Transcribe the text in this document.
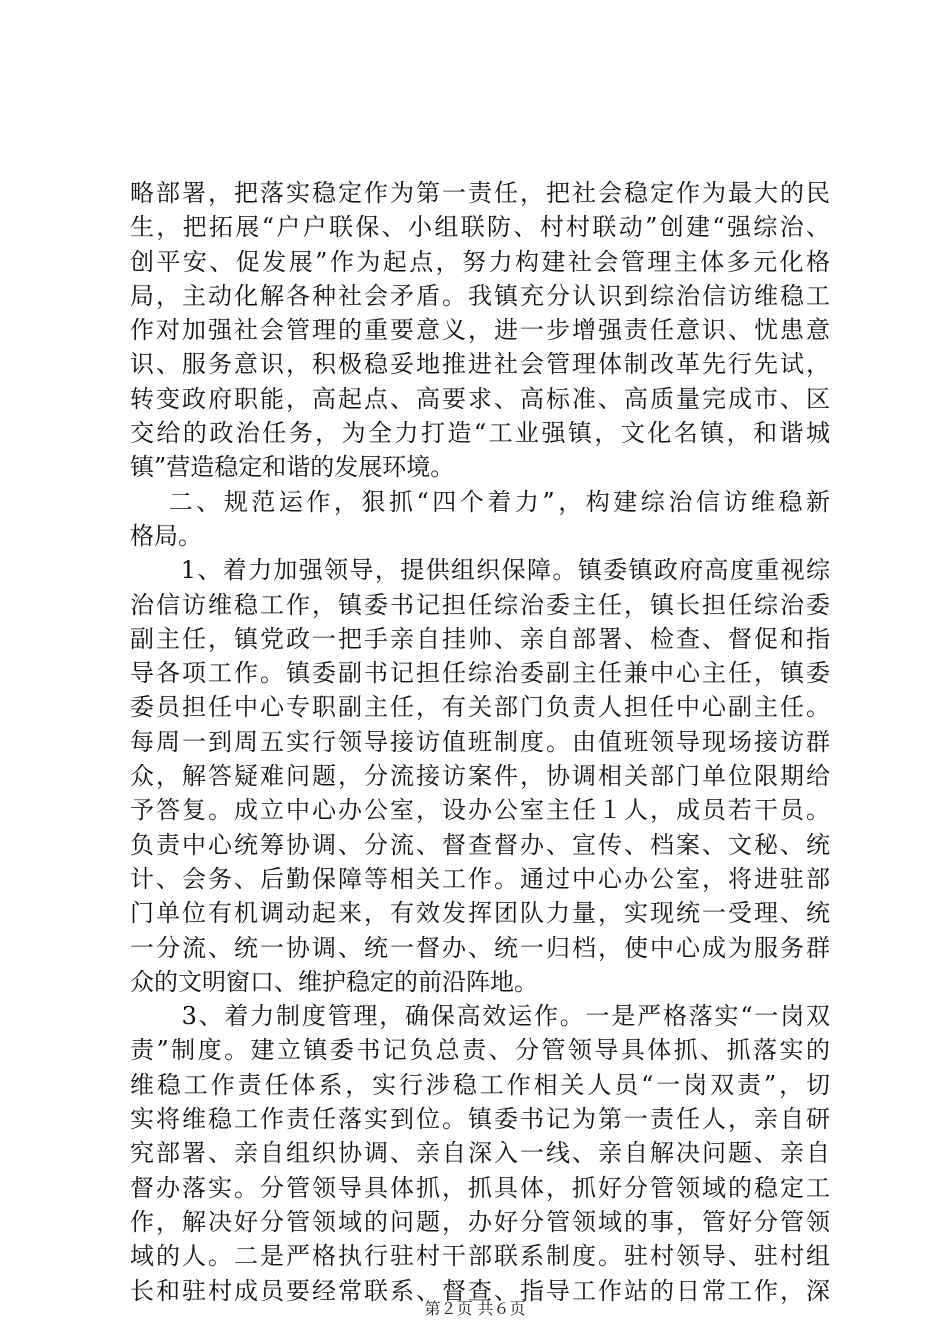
略部署，把落实稳定作为第一责任，把社会稳定作为最大的民
生，把拓展“户户联保、小组联防、村村联动”创建“强综治、
创平安、促发展”作为起点，努力构建社会管理主体多元化格
局，主动化解各种社会矛盾。我镇充分认识到综治信访维稳工
作对加强社会管理的重要意义，进一步增强责任意识、忧患意
识、服务意识，积极稳妥地推进社会管理体制改革先行先试，
转变政府职能，高起点、高要求、高标准、高质量完成市、区
交给的政治任务，为全力打造“工业强镇，文化名镇，和谐城
镇”营造稳定和谐的发展环境。
　 二、规范运作，狠抓“四个着力”，构建综治信访维稳新
格局。
　　1、着力加强领导，提供组织保障。镇委镇政府高度重视综
治信访维稳工作，镇委书记担任综治委主任，镇长担任综治委
副主任，镇党政一把手亲自挂帅、亲自部署、检查、督促和指
导各项工作。镇委副书记担任综治委副主任兼中心主任，镇委
委员担任中心专职副主任，有关部门负责人担任中心副主任。
每周一到周五实行领导接访值班制度。由值班领导现场接访群
众，解答疑难问题，分流接访案件，协调相关部门单位限期给
予答复。成立中心办公室，设办公室主任１人，成员若干员。
负责中心统筹协调、分流、督查督办、宣传、档案、文秘、统
计、会务、后勤保障等相关工作。通过中心办公室，将进驻部
门单位有机调动起来，有效发挥团队力量，实现统一受理、统
一分流、统一协调、统一督办、统一归档，使中心成为服务群
众的文明窗口、维护稳定的前沿阵地。
　　3、着力制度管理，确保高效运作。一是严格落实“一岗双
责”制度。建立镇委书记负总责、分管领导具体抓、抓落实的
维稳工作责任体系，实行涉稳工作相关人员“一岗双责”，切
实将维稳工作责任落实到位。镇委书记为第一责任人，亲自研
究部署、亲自组织协调、亲自深入一线、亲自解决问题、亲自
督办落实。分管领导具体抓，抓具体，抓好分管领域的稳定工
作，解决好分管领域的问题，办好分管领域的事，管好分管领
域的人。二是严格执行驻村干部联系制度。驻村领导、驻村组
长和驻村成员要经常联系、督查、指导工作站的日常工作，深
第２页 共６页
